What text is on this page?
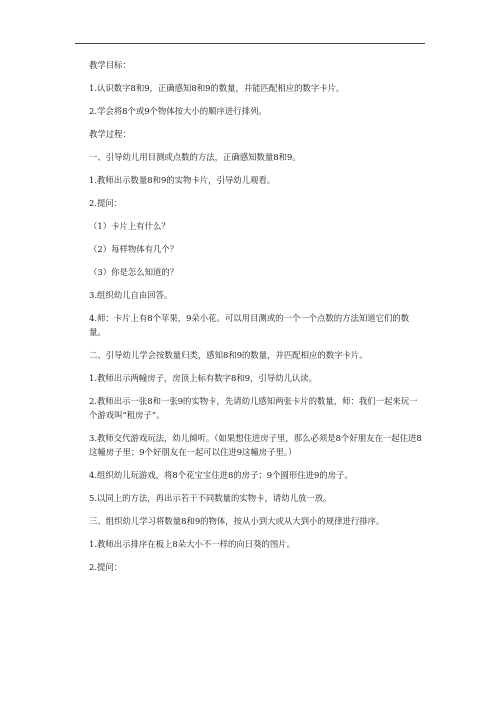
教学目标：

1.认识数字8和9，正确感知8和9的数量，并能匹配相应的数字卡片。

2.学会将8个或9个物体按大小的顺序进行排列。

教学过程：

一、引导幼儿用目测或点数的方法，正确感知数量8和9。

1.教师出示数量8和9的实物卡片，引导幼儿观看。

2.提问：

（1）卡片上有什么？

（2）每样物体有几个？

（3）你是怎么知道的？

3.组织幼儿自由回答。

4.师：卡片上有8个苹果，9朵小花。可以用目测或的一个一个点数的方法知道它们的数量。

二、引导幼儿学会按数量归类，感知8和9的数量，并匹配相应的数字卡片。

1.教师出示两幢房子，房顶上标有数字8和9，引导幼儿认读。

2.教师出示一张8和一张9的实物卡，先请幼儿感知两张卡片的数量，师：我们一起来玩一个游戏叫“租房子”。

3.教师交代游戏玩法，幼儿倾听。（如果想住进房子里，那么必须是8个好朋友在一起住进8这幢房子里；9个好朋友在一起可以住进9这幢房子里。）

4.组织幼儿玩游戏，将8个花宝宝住进8的房子；9个圆形住进9的房子。

5.以同上的方法，再出示若干不同数量的实物卡，请幼儿放一放。

三、组织幼儿学习将数量8和9的物体，按从小到大或从大到小的规律进行排序。

1.教师出示排序在板上8朵大小不一样的向日葵的图片。

2.提问：
